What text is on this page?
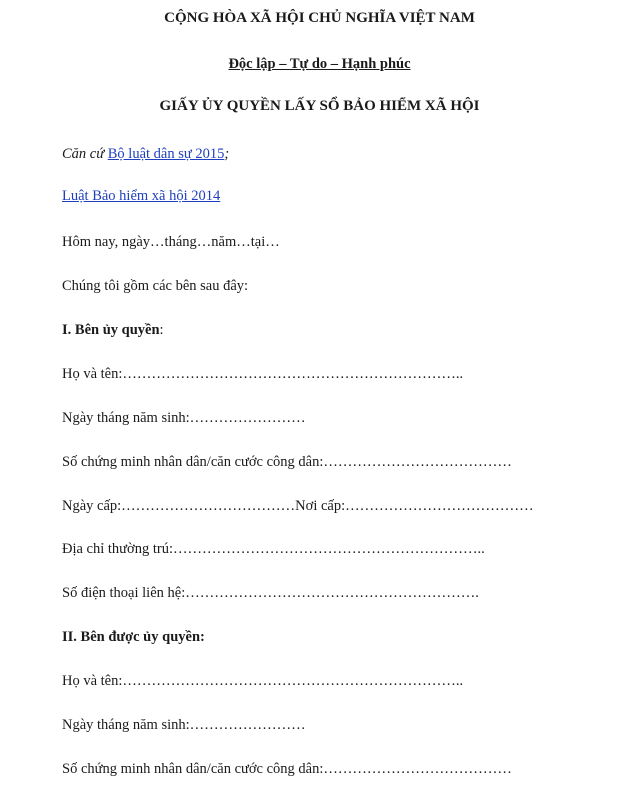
CỘNG HÒA XÃ HỘI CHỦ NGHĨA VIỆT NAM
Độc lập – Tự do – Hạnh phúc
GIẤY ỦY QUYỀN LẤY SỔ BẢO HIỂM XÃ HỘI
Căn cứ Bộ luật dân sự 2015;
Luật Bảo hiểm xã hội 2014
Hôm nay, ngày…tháng…năm…tại…
Chúng tôi gồm các bên sau đây:
I. Bên ủy quyền:
Họ và tên:……………………………………………………………..
Ngày tháng năm sinh:……………………
Số chứng minh nhân dân/căn cước công dân:…………………………………
Ngày cấp:………………………………Nơi cấp:…………………………………
Địa chỉ thường trú:………………………………………………………..
Số điện thoại liên hệ:…………………………………………………….
II. Bên được ủy quyền:
Họ và tên:……………………………………………………………..
Ngày tháng năm sinh:……………………
Số chứng minh nhân dân/căn cước công dân:…………………………………
